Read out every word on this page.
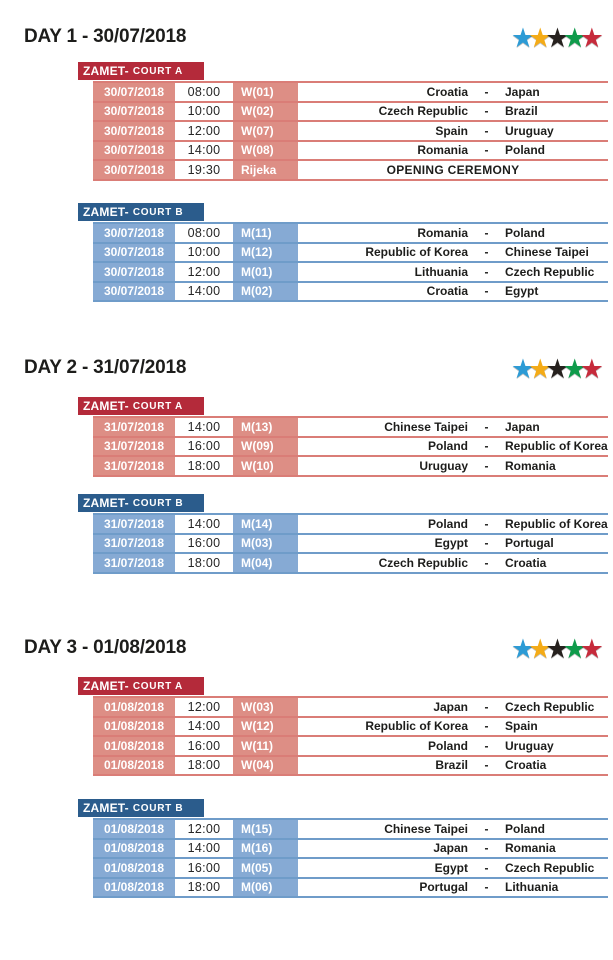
DAY 1 - 30/07/2018	★
★
★
★
★
ZAMET- COURT A
30/07/2018	08:00	W(01)	Croatia	-	Japan
30/07/2018	10:00	W(02)	Czech Republic	-	Brazil
30/07/2018	12:00	W(07)	Spain	-	Uruguay
30/07/2018	14:00	W(08)	Romania	-	Poland
30/07/2018	19:30	Rijeka	OPENING CEREMONY
ZAMET- COURT B
30/07/2018	08:00	M(11)	Romania	-	Poland
30/07/2018	10:00	M(12)	Republic of Korea	-	Chinese Taipei
30/07/2018	12:00	M(01)	Lithuania	-	Czech Republic
30/07/2018	14:00	M(02)	Croatia	-	Egypt
DAY 2 - 31/07/2018	★
★
★
★
★
ZAMET- COURT A
31/07/2018	14:00	M(13)	Chinese Taipei	-	Japan
31/07/2018	16:00	W(09)	Poland	-	Republic of Korea
31/07/2018	18:00	W(10)	Uruguay	-	Romania
ZAMET- COURT B
31/07/2018	14:00	M(14)	Poland	-	Republic of Korea
31/07/2018	16:00	M(03)	Egypt	-	Portugal
31/07/2018	18:00	M(04)	Czech Republic	-	Croatia
DAY 3 - 01/08/2018	★
★
★
★
★
ZAMET- COURT A
01/08/2018	12:00	W(03)	Japan	-	Czech Republic
01/08/2018	14:00	W(12)	Republic of Korea	-	Spain
01/08/2018	16:00	W(11)	Poland	-	Uruguay
01/08/2018	18:00	W(04)	Brazil	-	Croatia
ZAMET- COURT B
01/08/2018	12:00	M(15)	Chinese Taipei	-	Poland
01/08/2018	14:00	M(16)	Japan	-	Romania
01/08/2018	16:00	M(05)	Egypt	-	Czech Republic
01/08/2018	18:00	M(06)	Portugal	-	Lithuania
